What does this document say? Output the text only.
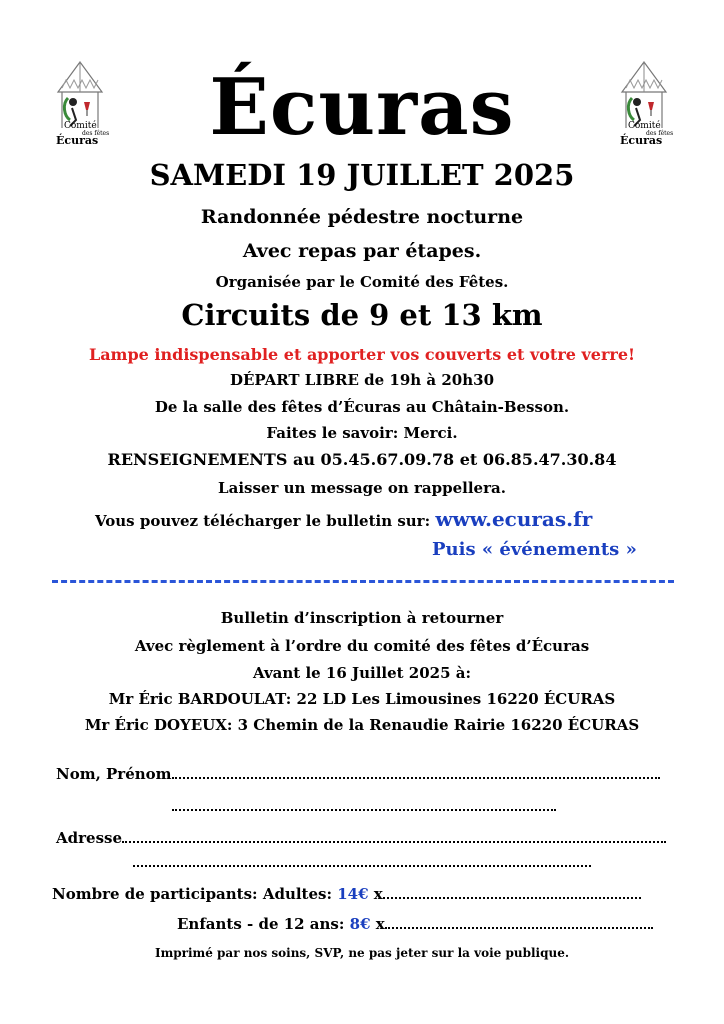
Comité
des fêtes
Écuras
Comité
des fêtes
Écuras
Écuras
SAMEDI 19 JUILLET 2025
Randonnée pédestre nocturne
Avec repas par étapes.
Organisée par le Comité des Fêtes.
Circuits de 9 et 13 km
Lampe indispensable et apporter vos couverts et votre verre!
DÉPART LIBRE de 19h à 20h30
De la salle des fêtes d’Écuras au Châtain-Besson.
Faites le savoir: Merci.
RENSEIGNEMENTS au 05.45.67.09.78 et 06.85.47.30.84
Laisser un message on rappellera.
Vous pouvez télécharger le bulletin sur: www.ecuras.fr
Puis « événements »
Bulletin d’inscription à retourner
Avec règlement à l’ordre du comité des fêtes d’Écuras
Avant le 16 Juillet 2025 à:
Mr Éric BARDOULAT: 22 LD Les Limousines 16220 ÉCURAS
Mr Éric DOYEUX: 3 Chemin de la Renaudie Rairie 16220 ÉCURAS
Nom, Prénom
Adresse
Nombre de participants: Adultes: 14€ x
Enfants - de 12 ans: 8€ x
Imprimé par nos soins, SVP, ne pas jeter sur la voie publique.
